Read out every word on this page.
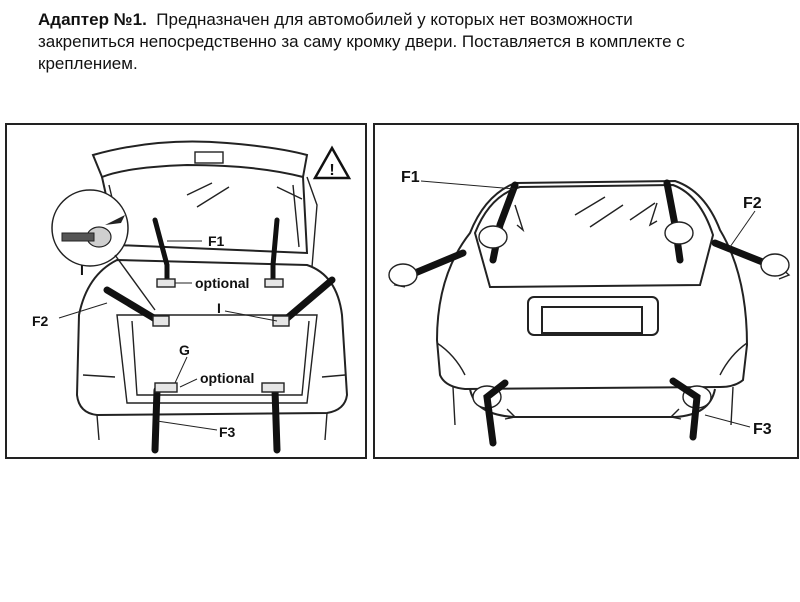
Адаптер №1. Предназначен для автомобилей у которых нет возможности
закрепиться непосредственно за саму кромку двери. Поставляется в комплекте с
креплением.
!
F1
F2
F3
G
I
I
optional
optional
F1
F2
F3
